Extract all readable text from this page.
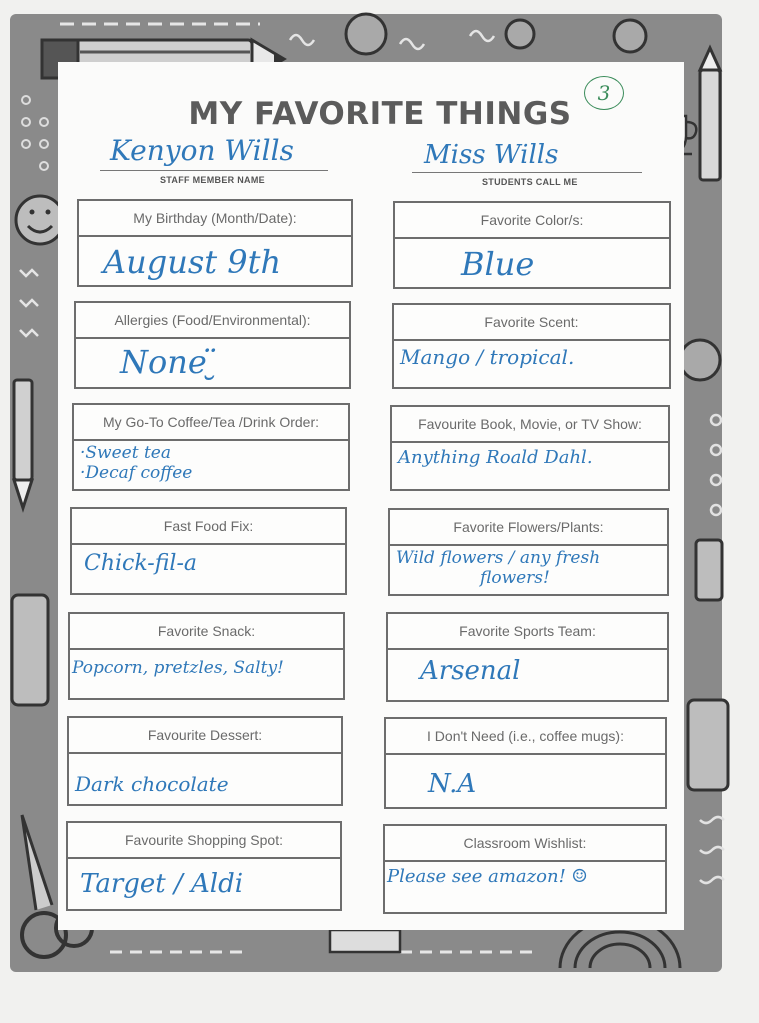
3
MY FAVORITE THINGS
Kenyon Wills
STAFF MEMBER NAME
Miss Wills
STUDENTS CALL ME
My Birthday (Month/Date):
August 9th
Favorite Color/s:
Blue
Allergies (Food/Environmental):
None ̮̈
Favorite Scent:
Mango / tropical.
My Go-To Coffee/Tea /Drink Order:
·Sweet tea
·Decaf coffee
Favourite Book, Movie, or TV Show:
Anything Roald Dahl.
Fast Food Fix:
Chick-fil-a
Favorite Flowers/Plants:
Wild flowers / any fresh
flowers!
Favorite Snack:
Popcorn, pretzles, Salty!
Favorite Sports Team:
Arsenal
Favourite Dessert:
Dark chocolate
I Don't Need (i.e., coffee mugs):
N.A
Favourite Shopping Spot:
Target / Aldi
Classroom Wishlist:
Please see amazon! ☺
